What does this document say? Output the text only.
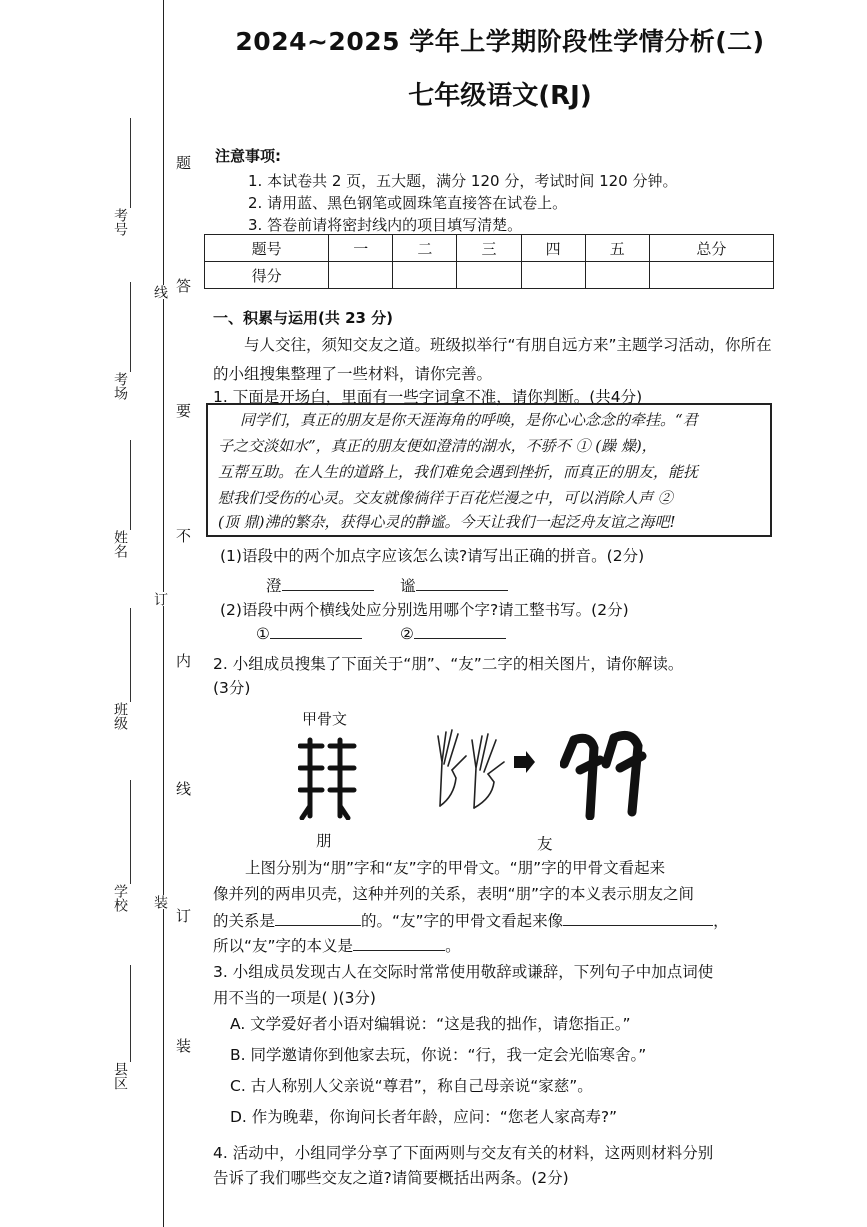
考号
考场
姓名
班级
学校
县区
线
订
装
题
答
要
不
内
线
订
装
2024~2025 学年上学期阶段性学情分析(二)
七年级语文(RJ)
注意事项:
1. 本试卷共 2 页，五大题，满分 120 分，考试时间 120 分钟。
2. 请用蓝、黑色钢笔或圆珠笔直接答在试卷上。
3. 答卷前请将密封线内的项目填写清楚。
题号	一	二	三	四	五	总分
得分						
一、积累与运用(共 23 分)
与人交往，须知交友之道。班级拟举行“有朋自远方来”主题学习活动，你所在的小组搜集整理了一些材料，请你完善。
1. 下面是开场白，里面有一些字词拿不准，请你判断。(共4分)
同学们，真正的朋友是你天涯海角的呼唤，是你心心念念的牵挂。“君
子之交淡如水”，真正的朋友便如澄清的湖水，不骄不 ① (躁 燥)，
互帮互助。在人生的道路上，我们难免会遇到挫折，而真正的朋友，能抚
慰我们受伤的心灵。交友就像徜徉于百花烂漫之中，可以消除人声 ②
(顶 鼎)沸的繁杂，获得心灵的静谧。今天让我们一起泛舟友谊之海吧!
(1)语段中的两个加点字应该怎么读?请写出正确的拼音。(2分)
澄	谧
(2)语段中两个横线处应分别选用哪个字?请工整书写。(2分)
①	②
2. 小组成员搜集了下面关于“朋”、“友”二字的相关图片，请你解读。
(3分)
甲骨文
朋	友
上图分别为“朋”字和“友”字的甲骨文。“朋”字的甲骨文看起来
像并列的两串贝壳，这种并列的关系，表明“朋”字的本义表示朋友之间
的关系是	的。“友”字的甲骨文看起来像	，
所以“友”字的本义是	。
3. 小组成员发现古人在交际时常常使用敬辞或谦辞，下列句子中加点词使
用不当的一项是( )(3分)
A. 文学爱好者小语对编辑说：“这是我的拙作，请您指正。”
B. 同学邀请你到他家去玩，你说：“行，我一定会光临寒舍。”
C. 古人称别人父亲说“尊君”，称自己母亲说“家慈”。
D. 作为晚辈，你询问长者年龄，应问：“您老人家高寿?”
4. 活动中，小组同学分享了下面两则与交友有关的材料，这两则材料分别
告诉了我们哪些交友之道?请简要概括出两条。(2分)
